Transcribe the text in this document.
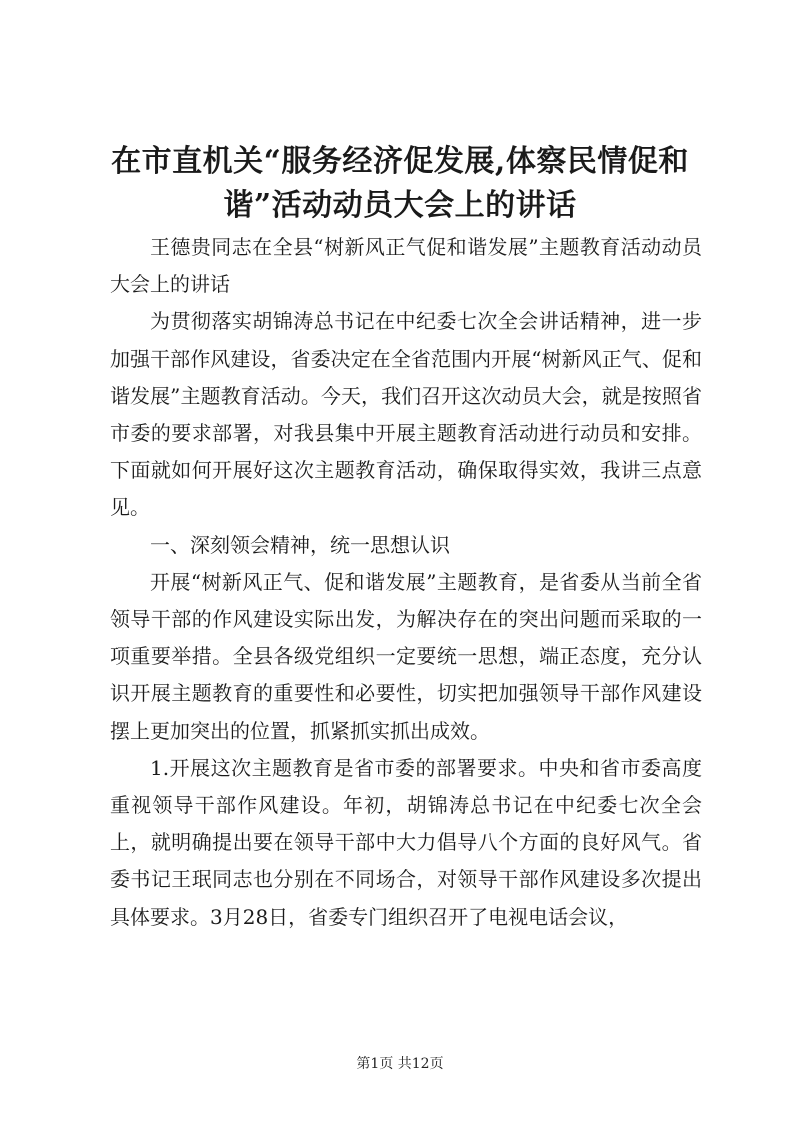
在市直机关“服务经济促发展,体察民情促和谐”活动动员大会上的讲话

王德贵同志在全县“树新风正气促和谐发展”主题教育活动动员大会上的讲话

为贯彻落实胡锦涛总书记在中纪委七次全会讲话精神，进一步加强干部作风建设，省委决定在全省范围内开展“树新风正气、促和谐发展”主题教育活动。今天，我们召开这次动员大会，就是按照省市委的要求部署，对我县集中开展主题教育活动进行动员和安排。下面就如何开展好这次主题教育活动，确保取得实效，我讲三点意见。

一、深刻领会精神，统一思想认识

开展“树新风正气、促和谐发展”主题教育，是省委从当前全省领导干部的作风建设实际出发，为解决存在的突出问题而采取的一项重要举措。全县各级党组织一定要统一思想，端正态度，充分认识开展主题教育的重要性和必要性，切实把加强领导干部作风建设摆上更加突出的位置，抓紧抓实抓出成效。

1.开展这次主题教育是省市委的部署要求。中央和省市委高度重视领导干部作风建设。年初，胡锦涛总书记在中纪委七次全会上，就明确提出要在领导干部中大力倡导八个方面的良好风气。省委书记王珉同志也分别在不同场合，对领导干部作风建设多次提出具体要求。3月28日，省委专门组织召开了电视电话会议，

第1页 共12页
